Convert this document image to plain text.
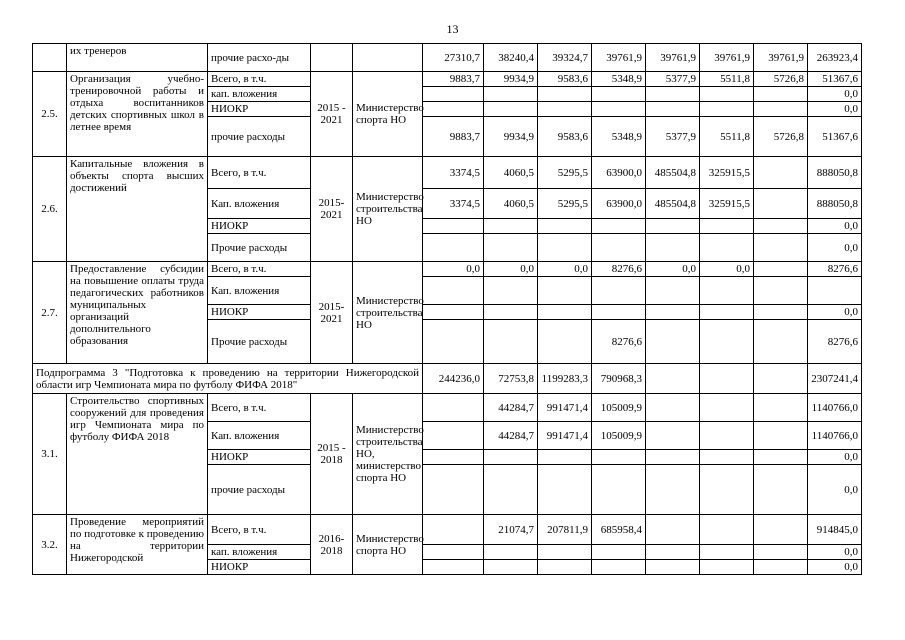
13
	их тренеров	прочие расхо-ды			27310,7	38240,4	39324,7	39761,9	39761,9	39761,9	39761,9	263923,4
2.5.	Организация учебно-тренировочной работы и отдыха воспитанников детских спортивных школ в летнее время	Всего, в т.ч.	2015 - 2021	Министерство спорта НО	9883,7	9934,9	9583,6	5348,9	5377,9	5511,8	5726,8	51367,6
		кап. вложения										0,0
		НИОКР										0,0
		прочие расходы			9883,7	9934,9	9583,6	5348,9	5377,9	5511,8	5726,8	51367,6
2.6.	Капитальные вложения в объекты спорта высших достижений	Всего, в т.ч.	2015-2021	Министерство строительства НО	3374,5	4060,5	5295,5	63900,0	485504,8	325915,5		888050,8
		Кап. вложения			3374,5	4060,5	5295,5	63900,0	485504,8	325915,5		888050,8
		НИОКР										0,0
		Прочие расходы										0,0
2.7.	Предоставление субсидии на повышение оплаты труда педагогических работников муниципальных организаций дополнительного образования	Всего, в т.ч.	2015-2021	Министерство строительства НО	0,0	0,0	0,0	8276,6	0,0	0,0		8276,6
		Кап. вложения										
		НИОКР										0,0
		Прочие расходы						8276,6				8276,6
Подпрограмма 3 "Подготовка к проведению на территории Нижегородской области игр Чемпионата мира по футболу ФИФА 2018"					244236,0	72753,8	1199283,3	790968,3				2307241,4
3.1.	Строительство спортивных сооружений для проведения игр Чемпионата мира по футболу ФИФА 2018	Всего, в т.ч.	2015 - 2018	Министерство строительства НО, министерство спорта НО		44284,7	991471,4	105009,9				1140766,0
		Кап. вложения				44284,7	991471,4	105009,9				1140766,0
		НИОКР										0,0
		прочие расходы										0,0
3.2.	Проведение мероприятий по подготовке к проведению на территории Нижегородской	Всего, в т.ч.	2016-2018	Министерство спорта НО		21074,7	207811,9	685958,4				914845,0
		кап. вложения										0,0
		НИОКР										0,0
